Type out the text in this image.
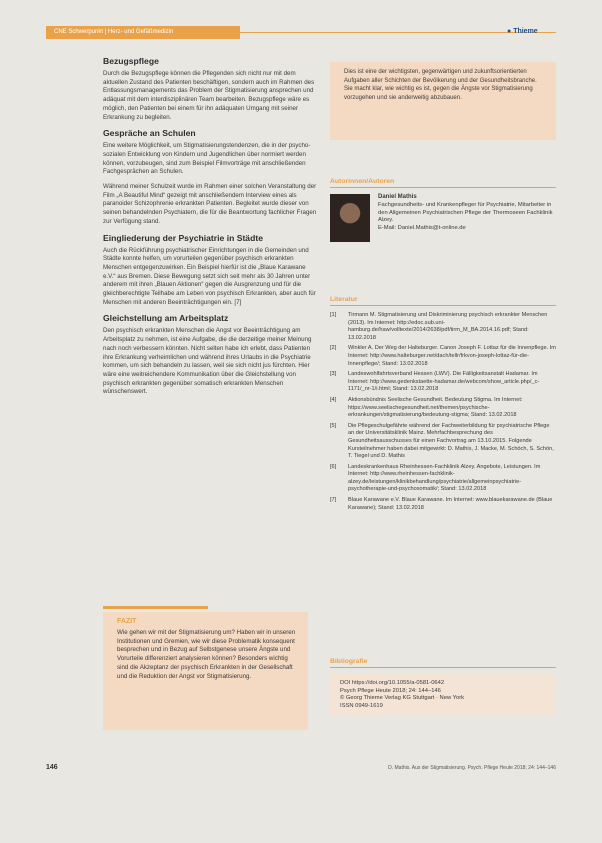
CNE Schwerpunkt | Herz- und Gefäßmedizin	● Thieme
Bezugspflege

Durch die Bezugspflege können die Pflegenden sich nicht nur mit dem aktuellen Zustand des Patienten beschäftigen, sondern auch im Rahmen des Entlassungsmanagements das Problem der Stigmatisierung ansprechen und adäquat mit dem interdisziplinären Team bearbeiten. Bezugspflege wäre es möglich, den Patienten bei einem für ihn adäquaten Umgang mit seiner Erkrankung zu begleiten.

Gespräche an Schulen

Eine weitere Möglichkeit, um Stigmatisierungstendenzen, die in der psycho-sozialen Entwicklung von Kindern und Jugendlichen über normiert werden können, vorzubeugen, sind zum Beispiel Filmvorträge mit anschließenden Fachgesprächen an Schulen.

Während meiner Schulzeit wurde im Rahmen einer solchen Veranstaltung der Film „A Beautiful Mind“ gezeigt mit anschließendem Interview eines als paranoider Schizophrenie erkrankten Patienten. Begleitet wurde dieser von seinen behandelnden Psychiatern, die für die Beantwortung fachlicher Fragen zur Verfügung stand.

Eingliederung der Psychiatrie in Städte

Auch die Rückführung psychiatrischer Einrichtungen in die Gemeinden und Städte konnte helfen, um vorurteilen gegenüber psychisch erkrankten Menschen entgegenzuwirken. Ein Beispiel hierfür ist die „Blaue Karawane e.V.“ aus Bremen. Diese Bewegung setzt sich seit mehr als 30 Jahren unter anderem mit ihren „Blauen Aktionen“ gegen die Ausgrenzung und für die gleichberechtigte Teilhabe am Leben von psychisch Erkrankten, aber auch für Menschen mit anderen Beeinträchtigungen ein. [7]

Gleichstellung am Arbeitsplatz

Den psychisch erkrankten Menschen die Angst vor Beeinträchtigung am Arbeitsplatz zu nehmen, ist eine Aufgabe, die die derzeitige meiner Meinung nach noch verbessern könnten. Nicht selten habe ich erlebt, dass Patienten ihre Erkrankung verheimlichen und während ihres Urlaubs in die Psychiatrie kommen, um sich behandeln zu lassen, weil sie sich nicht jus fürchten. Hier wäre eine weitreichendere Kommunikation über die Gleichstellung von psychisch erkrankten gegenüber somatisch erkrankten Menschen wünschenswert.

FAZIT
Wie gehen wir mit der Stigmatisierung um? Haben wir in unseren Institutionen und Gremien, wie wir diese Problematik konsequent besprechen und in Bezug auf Selbstgenese unsere Ängste und Vorurteile differenziert analysieren können? Besonders wichtig sind die Akzeptanz der psychisch Erkrankten in der Gesellschaft und die Reduktion der Angst vor Stigmatisierung.
Dies ist eine der wichtigsten, gegenwärtigen und zukunftsorientierten Aufgaben aller Schichten der Bevölkerung und der Gesundheitsbranche. Sie macht klar, wie wichtig es ist, gegen die Ängste vor Stigmatisierung vorzugehen und sie anderweitig abzubauen.
Autorinnen/Autoren
Daniel Mathis
Fachgesundheits- und Krankenpfleger für Psychiatrie, Mitarbeiter in den Allgemeinen Psychiatrischen Pflege der Thermoseen Fachklinik Alzey.
E-Mail: Daniel.Mathis@t-online.de
Literatur
[1] Tirmann M. Stigmatisierung und Diskriminierung psychisch erkrankter Menschen (2013). Im Internet: http://edoc.sub.uni-hamburg.de/haw/volltexte/2014/2638/pdf/tirm_M_BA.2014.16.pdf; Stand: 13.02.2018
[2] Winkler A. Der Weg der Halteburger. Canon Joseph F. Lottaz für die Innenpflege. Im Internet: http://www.halteburger.net/dach/tellr/frkvon-joseph-lottaz-für-die-Innenpflege/; Stand: 13.02.2018
[3] Landeswohlfahrtsverband Hessen (LWV). Die Fälligkeitsanstalt Hadamar. Im Internet: http://www.gedenkstaette-hadamar.de/webcom/show_article.php/_c-1171/_nr-1/i.html; Stand: 13.02.2018
[4] Aktionsbündnis Seelische Gesundheit. Bedeutung Stigma. Im Internet: https://www.seelischegesundheit.net/themen/psychische-erkrankungen/stigmatisierung/bedeutung-stigma; Stand: 13.02.2018
[5] Die Pflegeschulgefährte während der Fachweiterbildung für psychiatrische Pflege an der Universitätsklinik Mainz. Mehrfachbesprechung des Gesundheitsausschusses für einen Fachvortrag am 13.10.2015. Folgende Kursteilnehmer haben dabei mitgewirkt: D. Mathis, J. Macke, M. Schöch, S. Schön, T. Tiegel und D. Mathis
[6] Landeskrankenhaus Rheinhessen-Fachklinik Alzey. Angebote, Leistungen. Im Internet: http://www.rheinhessen-fachklinik-alzey.de/leistungen/klinikbehandlung/psychiatrie/allgemeinpsychiatrie-psychotherapie-und-psychosomatik/; Stand: 13.02.2018
[7] Blaue Karawane e.V. Blaue Karawane. Im Internet: www.blauekarawane.de (Blaue Karawane); Stand: 13.02.2018
Bibliografie
DOI https://doi.org/10.1055/a-0581-0642
Psych Pflege Heute 2018; 24: 144–146
© Georg Thieme Verlag KG Stuttgart · New York
ISSN 0949-1619
146	D. Mathis. Aus der Stigmatisierung. Psych. Pflege Heute 2018; 24: 144–146
